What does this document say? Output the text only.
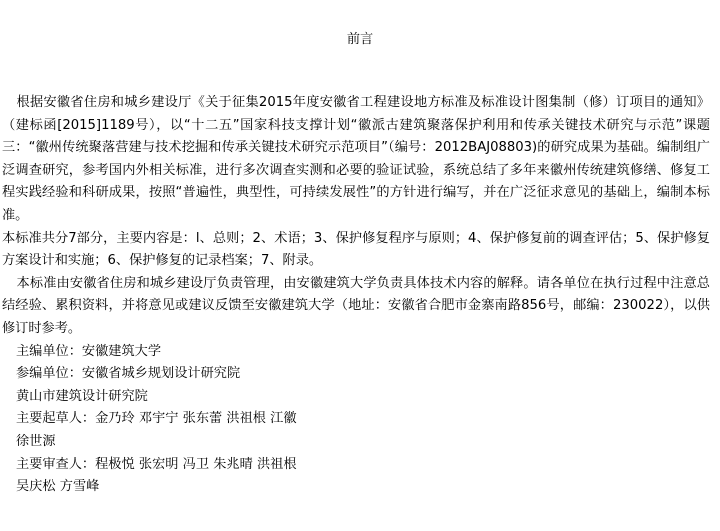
前言

根据安徽省住房和城乡建设厅《关于征集2015年度安徽省工程建设地方标准及标准设计图集制（修）订项目的通知》（建标函[2015]1189号），以“十二五”国家科技支撑计划“徽派古建筑聚落保护利用和传承关键技术研究与示范”课题三：“徽州传统聚落营建与技术挖掘和传承关键技术研究示范项目”（编号：2012BAJ08803)的研究成果为基础。编制组广泛调查研究，参考国内外相关标准，进行多次调查实测和必要的验证试验，系统总结了多年来徽州传统建筑修缮、修复工程实践经验和科研成果，按照“普遍性，典型性，可持续发展性”的方针进行编写，并在广泛征求意见的基础上，编制本标准。

本标准共分7部分，主要内容是：l、总则；2、术语；3、保护修复程序与原则；4、保护修复前的调查评估；5、保护修复方案设计和实施；6、保护修复的记录档案；7、附录。

本标准由安徽省住房和城乡建设厅负责管理，由安徽建筑大学负责具体技术内容的解释。请各单位在执行过程中注意总结经验、累积资料，并将意见或建议反馈至安徽建筑大学（地址：安徽省合肥市金寨南路856号，邮编：230022），以供修订时参考。

主编单位：安徽建筑大学

参编单位：安徽省城乡规划设计研究院

黄山市建筑设计研究院

主要起草人：金乃玲 邓宇宁 张东蕾 洪祖根 江徽

徐世源

主要审查人：程极悦 张宏明 冯卫 朱兆晴 洪祖根

吴庆松 方雪峰
